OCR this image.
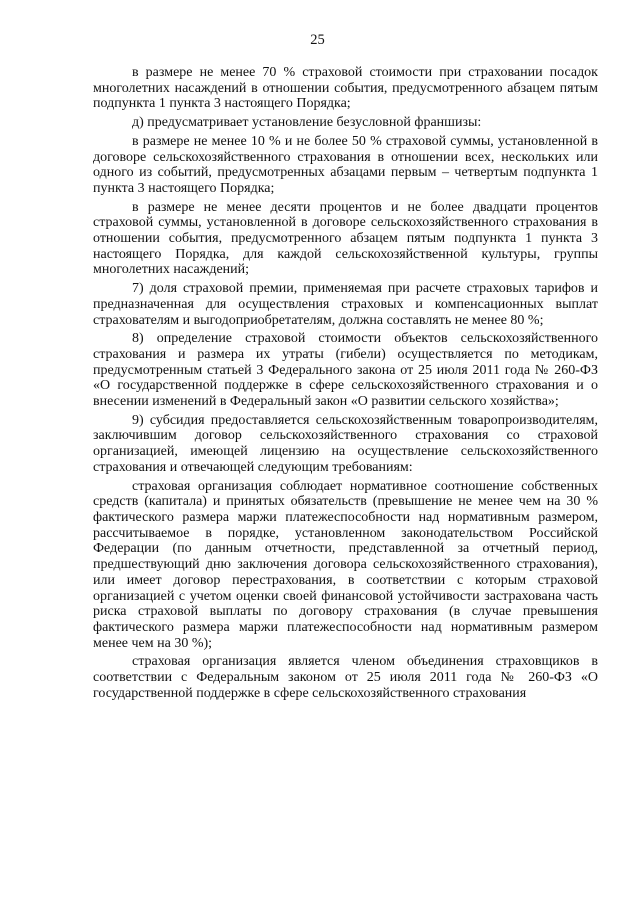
25

в размере не менее 70 % страховой стоимости при страховании посадок многолетних насаждений в отношении события, предусмотренного абзацем пятым подпункта 1 пункта 3 настоящего Порядка;

д) предусматривает установление безусловной франшизы:

в размере не менее 10 % и не более 50 % страховой суммы, установленной в договоре сельскохозяйственного страхования в отношении всех, нескольких или одного из событий, предусмотренных абзацами первым – четвертым подпункта 1 пункта 3 настоящего Порядка;

в размере не менее десяти процентов и не более двадцати процентов страховой суммы, установленной в договоре сельскохозяйственного страхования в отношении события, предусмотренного абзацем пятым подпункта 1 пункта 3 настоящего Порядка, для каждой сельскохозяйственной культуры, группы многолетних насаждений;

7) доля страховой премии, применяемая при расчете страховых тарифов и предназначенная для осуществления страховых и компенсационных выплат страхователям и выгодоприобретателям, должна составлять не менее 80 %;

8) определение страховой стоимости объектов сельскохозяйственного страхования и размера их утраты (гибели) осуществляется по методикам, предусмотренным статьей 3 Федерального закона от 25 июля 2011 года № 260-ФЗ «О государственной поддержке в сфере сельскохозяйственного страхования и о внесении изменений в Федеральный закон «О развитии сельского хозяйства»;

9) субсидия предоставляется сельскохозяйственным товаропроизводителям, заключившим договор сельскохозяйственного страхования со страховой организацией, имеющей лицензию на осуществление сельскохозяйственного страхования и отвечающей следующим требованиям:

страховая организация соблюдает нормативное соотношение собственных средств (капитала) и принятых обязательств (превышение не менее чем на 30 % фактического размера маржи платежеспособности над нормативным размером, рассчитываемое в порядке, установленном законодательством Российской Федерации (по данным отчетности, представленной за отчетный период, предшествующий дню заключения договора сельскохозяйственного страхования), или имеет договор перестрахования, в соответствии с которым страховой организацией с учетом оценки своей финансовой устойчивости застрахована часть риска страховой выплаты по договору страхования (в случае превышения фактического размера маржи платежеспособности над нормативным размером менее чем на 30 %);

страховая организация является членом объединения страховщиков в соответствии с Федеральным законом от 25 июля 2011 года № 260-ФЗ «О государственной поддержке в сфере сельскохозяйственного страхования
